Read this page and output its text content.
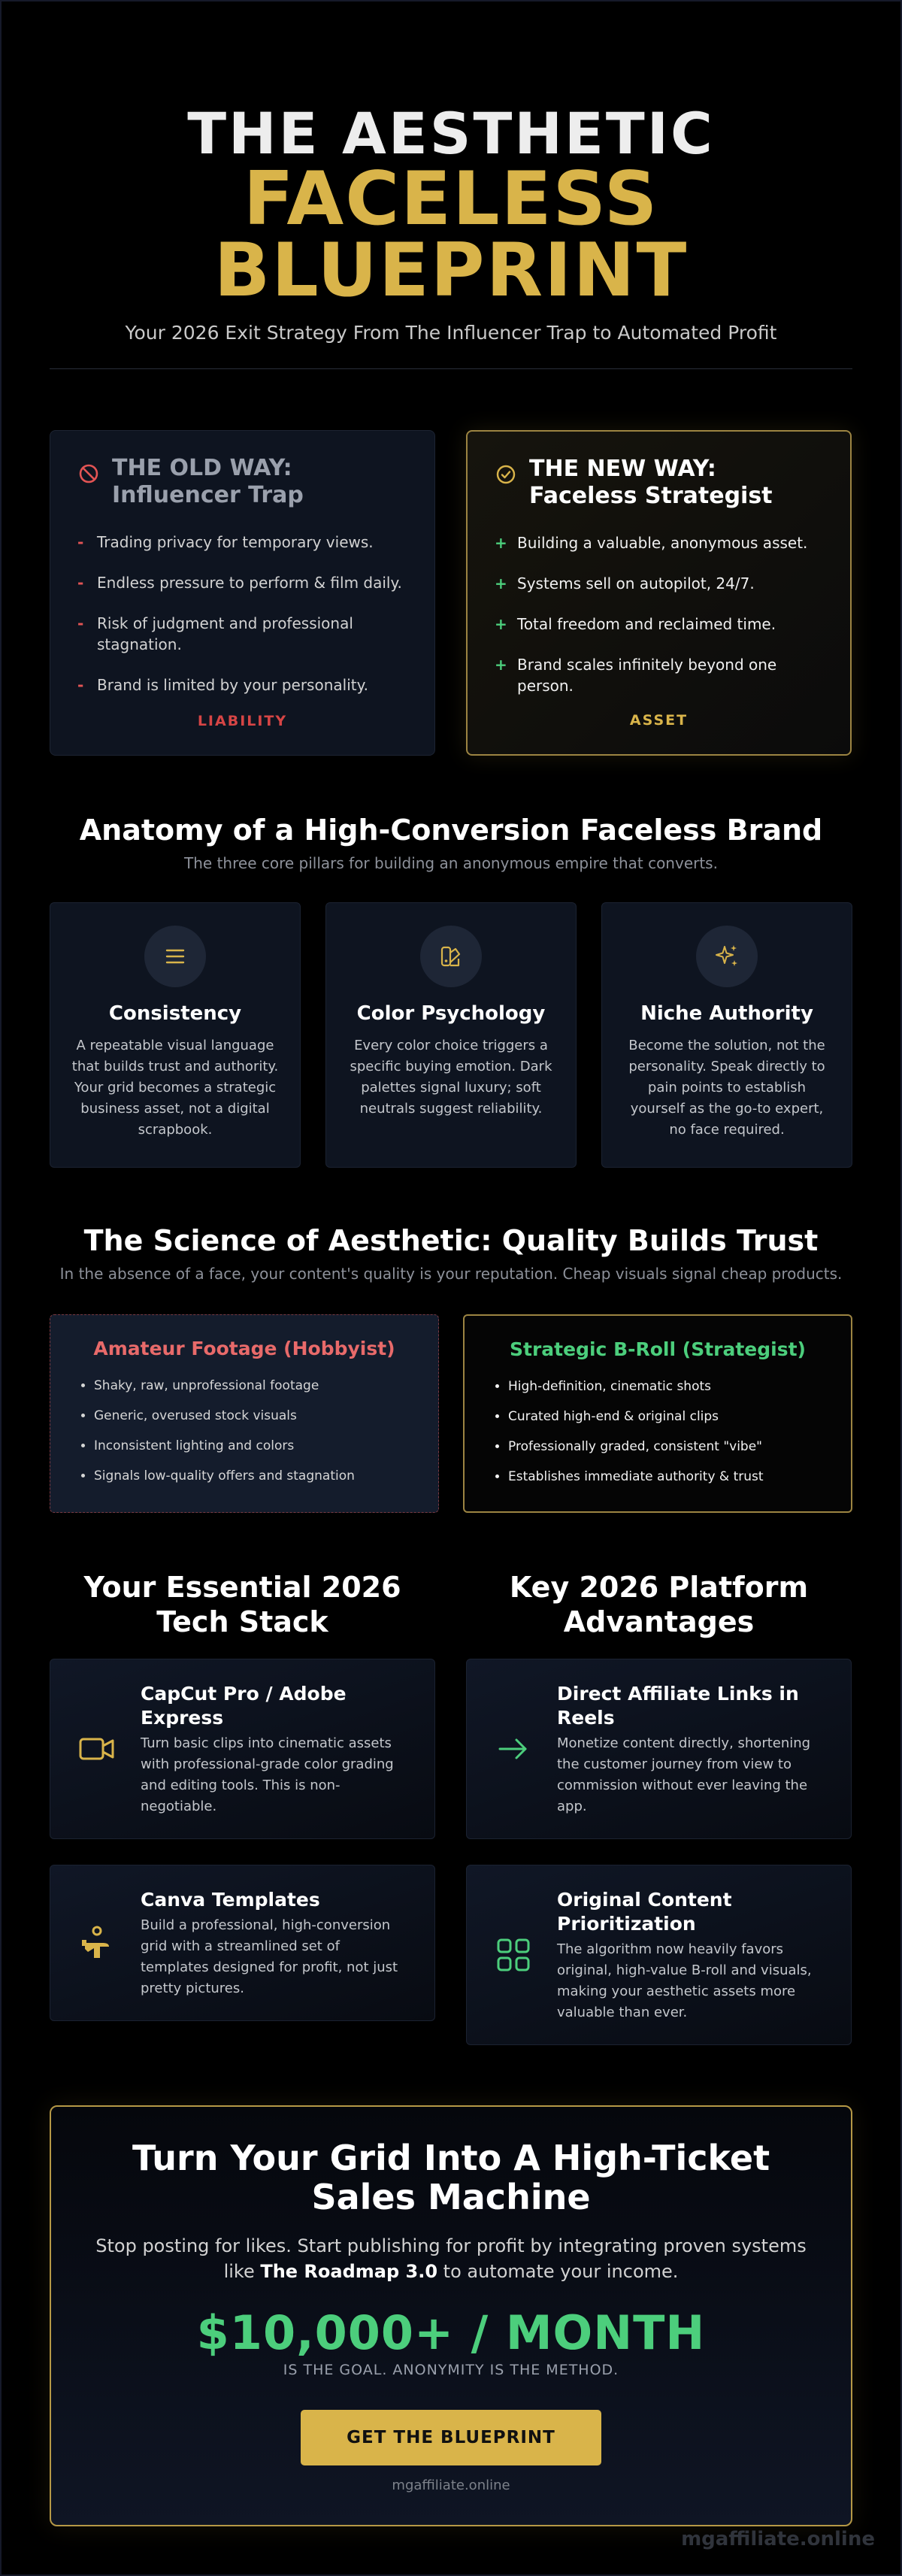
THE AESTHETIC
FACELESS
BLUEPRINT
Your 2026 Exit Strategy From The Influencer Trap to Automated Profit
THE OLD WAY:
Influencer Trap
- Trading privacy for temporary views.
- Endless pressure to perform & film daily.
- Risk of judgment and professional stagnation.
- Brand is limited by your personality.
LIABILITY
THE NEW WAY:
Faceless Strategist
+ Building a valuable, anonymous asset.
+ Systems sell on autopilot, 24/7.
+ Total freedom and reclaimed time.
+ Brand scales infinitely beyond one person.
ASSET
Anatomy of a High-Conversion Faceless Brand
The three core pillars for building an anonymous empire that converts.
Consistency
A repeatable visual language that builds trust and authority. Your grid becomes a strategic business asset, not a digital scrapbook.
Color Psychology
Every color choice triggers a specific buying emotion. Dark palettes signal luxury; soft neutrals suggest reliability.
Niche Authority
Become the solution, not the personality. Speak directly to pain points to establish yourself as the go-to expert, no face required.
The Science of Aesthetic: Quality Builds Trust
In the absence of a face, your content's quality is your reputation. Cheap visuals signal cheap products.
Amateur Footage (Hobbyist)
• Shaky, raw, unprofessional footage
• Generic, overused stock visuals
• Inconsistent lighting and colors
• Signals low-quality offers and stagnation
Strategic B-Roll (Strategist)
• High-definition, cinematic shots
• Curated high-end & original clips
• Professionally graded, consistent "vibe"
• Establishes immediate authority & trust
Your Essential 2026
Tech Stack
CapCut Pro / Adobe Express
Turn basic clips into cinematic assets with professional-grade color grading and editing tools. This is non-negotiable.
Canva Templates
Build a professional, high-conversion grid with a streamlined set of templates designed for profit, not just pretty pictures.
Key 2026 Platform
Advantages
Direct Affiliate Links in Reels
Monetize content directly, shortening the customer journey from view to commission without ever leaving the app.
Original Content Prioritization
The algorithm now heavily favors original, high-value B-roll and visuals, making your aesthetic assets more valuable than ever.
Turn Your Grid Into A High-Ticket Sales Machine
Stop posting for likes. Start publishing for profit by integrating proven systems like The Roadmap 3.0 to automate your income.
$10,000+ / MONTH
IS THE GOAL. ANONYMITY IS THE METHOD.
GET THE BLUEPRINT
mgaffiliate.online
mgaffiliate.online
